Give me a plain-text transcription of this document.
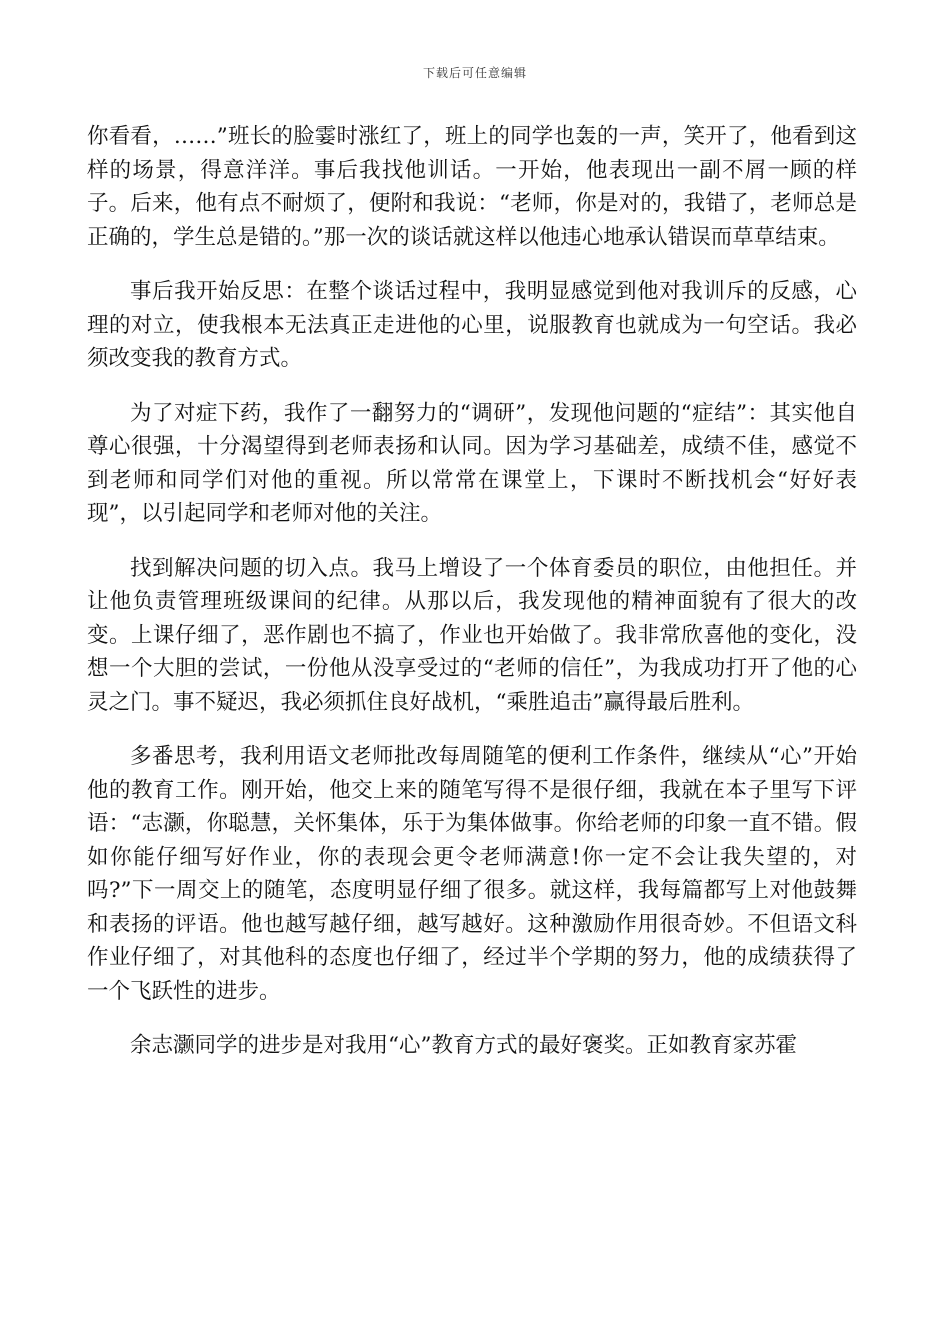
下载后可任意编辑

你看看，……”班长的脸霎时涨红了，班上的同学也轰的一声，笑开了，他看到这样的场景，得意洋洋。事后我找他训话。一开始，他表现出一副不屑一顾的样子。后来，他有点不耐烦了，便附和我说：“老师，你是对的，我错了，老师总是正确的，学生总是错的。”那一次的谈话就这样以他违心地承认错误而草草结束。

事后我开始反思：在整个谈话过程中，我明显感觉到他对我训斥的反感，心理的对立，使我根本无法真正走进他的心里，说服教育也就成为一句空话。我必须改变我的教育方式。

为了对症下药，我作了一翻努力的“调研”，发现他问题的“症结”：其实他自尊心很强，十分渴望得到老师表扬和认同。因为学习基础差，成绩不佳，感觉不到老师和同学们对他的重视。所以常常在课堂上，下课时不断找机会“好好表现”，以引起同学和老师对他的关注。

找到解决问题的切入点。我马上增设了一个体育委员的职位，由他担任。并让他负责管理班级课间的纪律。从那以后，我发现他的精神面貌有了很大的改变。上课仔细了，恶作剧也不搞了，作业也开始做了。我非常欣喜他的变化，没想一个大胆的尝试，一份他从没享受过的“老师的信任”，为我成功打开了他的心灵之门。事不疑迟，我必须抓住良好战机，“乘胜追击”赢得最后胜利。

多番思考，我利用语文老师批改每周随笔的便利工作条件，继续从“心”开始他的教育工作。刚开始，他交上来的随笔写得不是很仔细，我就在本子里写下评语：“志灏，你聪慧，关怀集体，乐于为集体做事。你给老师的印象一直不错。假如你能仔细写好作业，你的表现会更令老师满意!你一定不会让我失望的，对吗?”下一周交上的随笔，态度明显仔细了很多。就这样，我每篇都写上对他鼓舞和表扬的评语。他也越写越仔细，越写越好。这种激励作用很奇妙。不但语文科作业仔细了，对其他科的态度也仔细了，经过半个学期的努力，他的成绩获得了一个飞跃性的进步。

余志灏同学的进步是对我用“心”教育方式的最好褒奖。正如教育家苏霍
